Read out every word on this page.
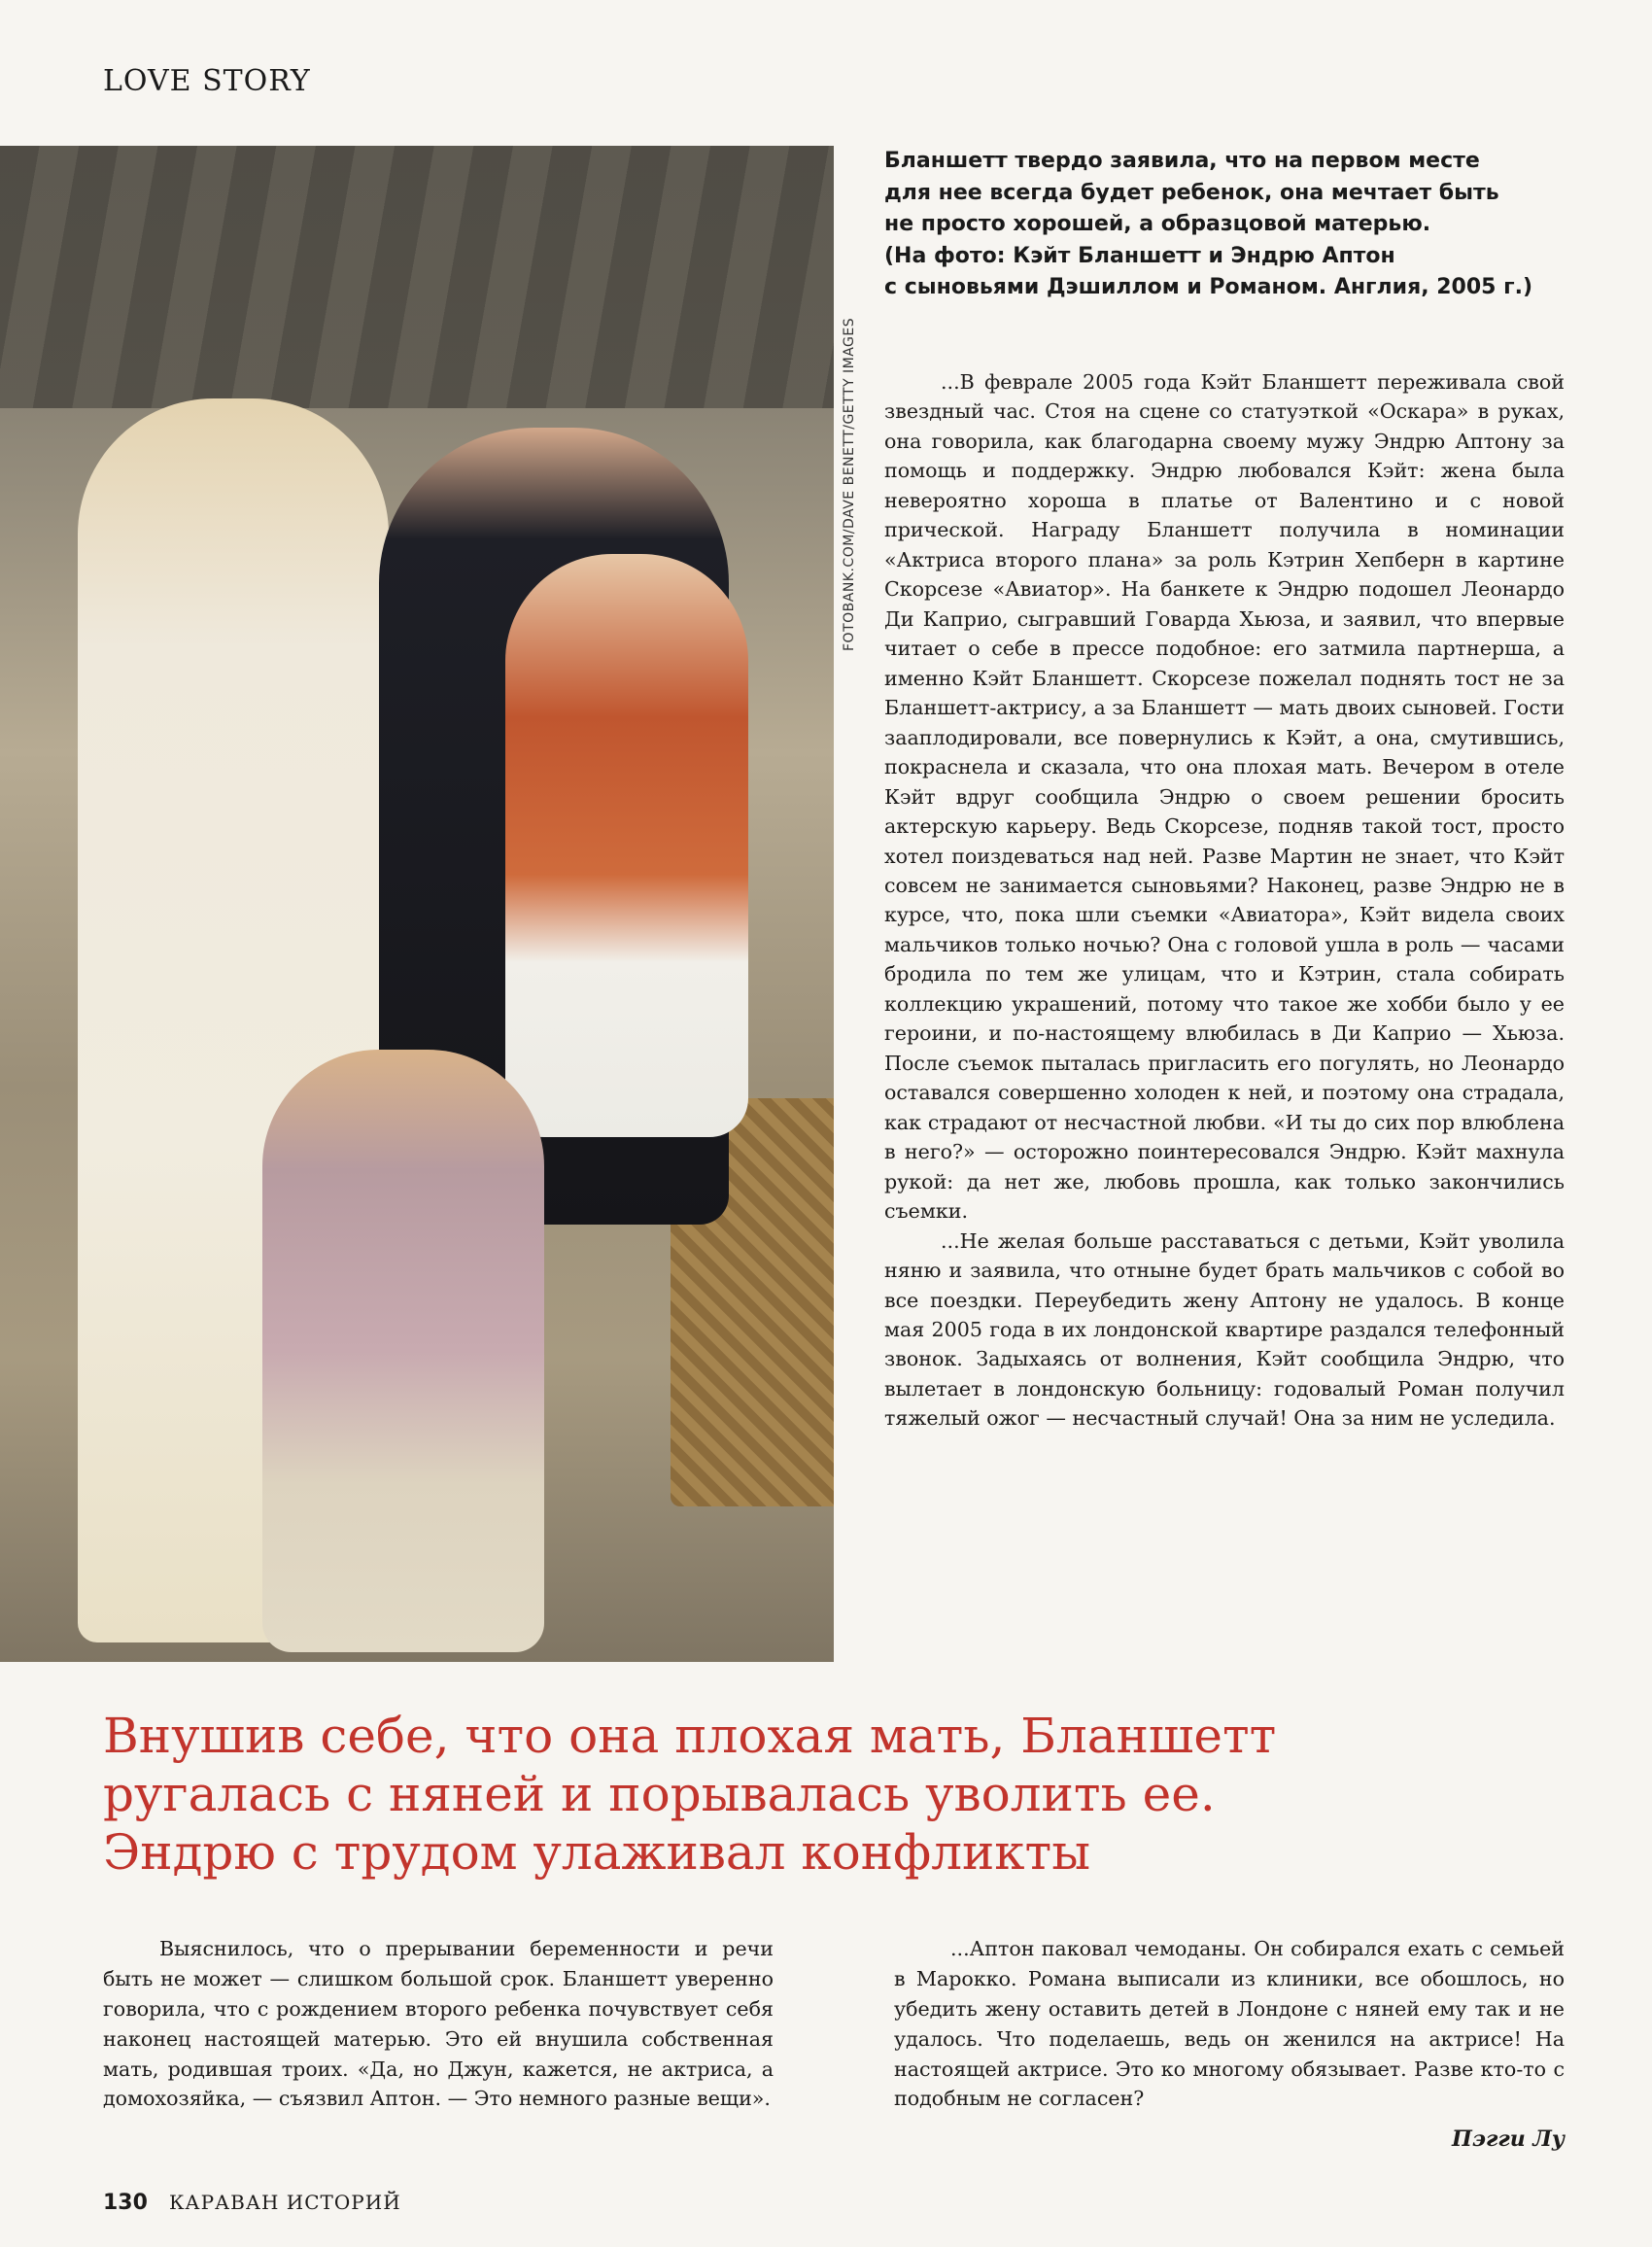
LOVE STORY
FOTOBANK.COM/DAVE BENETT/GETTY IMAGES

Бланшетт твердо заявила, что на первом месте

для нее всегда будет ребенок, она мечтает быть

не просто хорошей, а образцовой матерью.

(На фото: Кэйт Бланшетт и Эндрю Аптон

с сыновьями Дэшиллом и Романом. Англия, 2005 г.)

...В феврале 2005 года Кэйт Бланшетт переживала свой звездный час. Стоя на сцене со статуэткой «Оскара» в руках, она говорила, как благодарна своему мужу Эндрю Аптону за помощь и поддержку. Эндрю любовался Кэйт: жена была невероятно хороша в платье от Валентино и с новой прической. Награду Бланшетт получила в номинации «Актриса второго плана» за роль Кэтрин Хепберн в картине Скорсезе «Авиатор». На банкете к Эндрю подошел Леонардо Ди Каприо, сыгравший Говарда Хьюза, и заявил, что впервые читает о себе в прессе подобное: его затмила партнерша, а именно Кэйт Бланшетт. Скорсезе пожелал поднять тост не за Бланшетт-актрису, а за Бланшетт — мать двоих сыновей. Гости зааплодировали, все повернулись к Кэйт, а она, смутившись, покраснела и сказала, что она плохая мать. Вечером в отеле Кэйт вдруг сообщила Эндрю о своем решении бросить актерскую карьеру. Ведь Скорсезе, подняв такой тост, просто хотел поиздеваться над ней. Разве Мартин не знает, что Кэйт совсем не занимается сыновьями? Наконец, разве Эндрю не в курсе, что, пока шли съемки «Авиатора», Кэйт видела своих мальчиков только ночью? Она с головой ушла в роль — часами бродила по тем же улицам, что и Кэтрин, стала собирать коллекцию украшений, потому что такое же хобби было у ее героини, и по-настоящему влюбилась в Ди Каприо — Хьюза. После съемок пыталась пригласить его погулять, но Леонардо оставался совершенно холоден к ней, и поэтому она страдала, как страдают от несчастной любви. «И ты до сих пор влюблена в него?» — осторожно поинтересовался Эндрю. Кэйт махнула рукой: да нет же, любовь прошла, как только закончились съемки.

...Не желая больше расставаться с детьми, Кэйт уволила няню и заявила, что отныне будет брать мальчиков с собой во все поездки. Переубедить жену Аптону не удалось. В конце мая 2005 года в их лондонской квартире раздался телефонный звонок. Задыхаясь от волнения, Кэйт сообщила Эндрю, что вылетает в лондонскую больницу: годовалый Роман получил тяжелый ожог — несчастный случай! Она за ним не уследила.

Внушив себе, что она плохая мать, Бланшетт

ругалась с няней и порывалась уволить ее.

Эндрю с трудом улаживал конфликты

Выяснилось, что о прерывании беременности и речи быть не может — слишком большой срок. Бланшетт уверенно говорила, что с рождением второго ребенка почувствует себя наконец настоящей матерью. Это ей внушила собственная мать, родившая троих. «Да, но Джун, кажется, не актриса, а домохозяйка, — съязвил Аптон. — Это немного разные вещи».

...Аптон паковал чемоданы. Он собирался ехать с семьей в Марокко. Романа выписали из клиники, все обошлось, но убедить жену оставить детей в Лондоне с няней ему так и не удалось. Что поделаешь, ведь он женился на актрисе! На настоящей актрисе. Это ко многому обязывает. Разве кто-то с подобным не согласен?

Пэгги Лу
130 КАРАВАН ИСТОРИЙ
